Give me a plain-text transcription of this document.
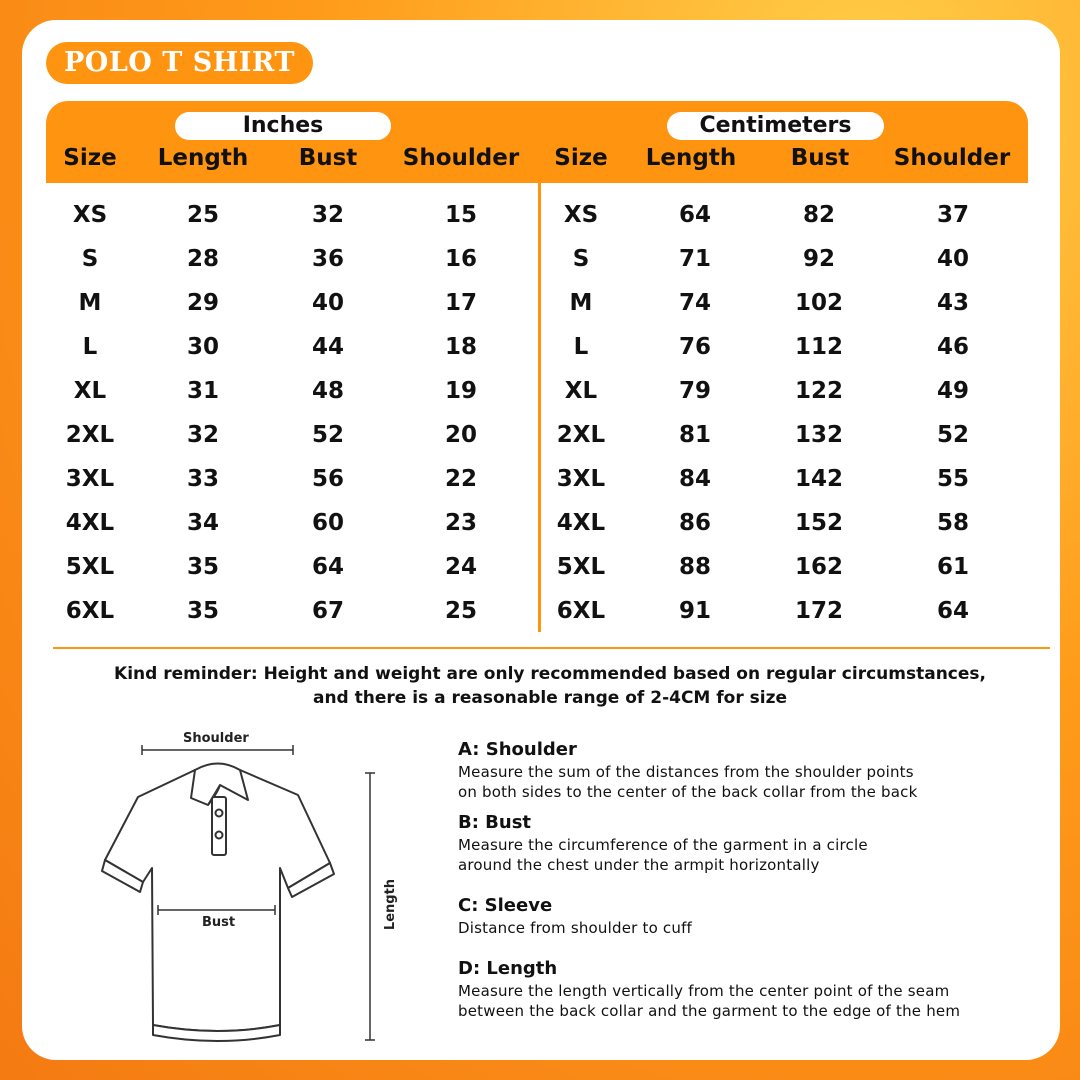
POLO T SHIRT
Inches	Centimeters
Size Length Bust Shoulder Size Length Bust Shoulder
XS	25	32	15	XS	64	82	37
S	28	36	16	S	71	92	40
M	29	40	17	M	74	102	43
L	30	44	18	L	76	112	46
XL	31	48	19	XL	79	122	49
2XL	32	52	20	2XL	81	132	52
3XL	33	56	22	3XL	84	142	55
4XL	34	60	23	4XL	86	152	58
5XL	35	64	24	5XL	88	162	61
6XL	35	67	25	6XL	91	172	64
Kind reminder: Height and weight are only recommended based on regular circumstances,
and there is a reasonable range of 2-4CM for size
Shoulder
Bust	Length
A: Shoulder
Measure the sum of the distances from the shoulder points
on both sides to the center of the back collar from the back
B: Bust
Measure the circumference of the garment in a circle
around the chest under the armpit horizontally
C: Sleeve
Distance from shoulder to cuff
D: Length
Measure the length vertically from the center point of the seam
between the back collar and the garment to the edge of the hem
